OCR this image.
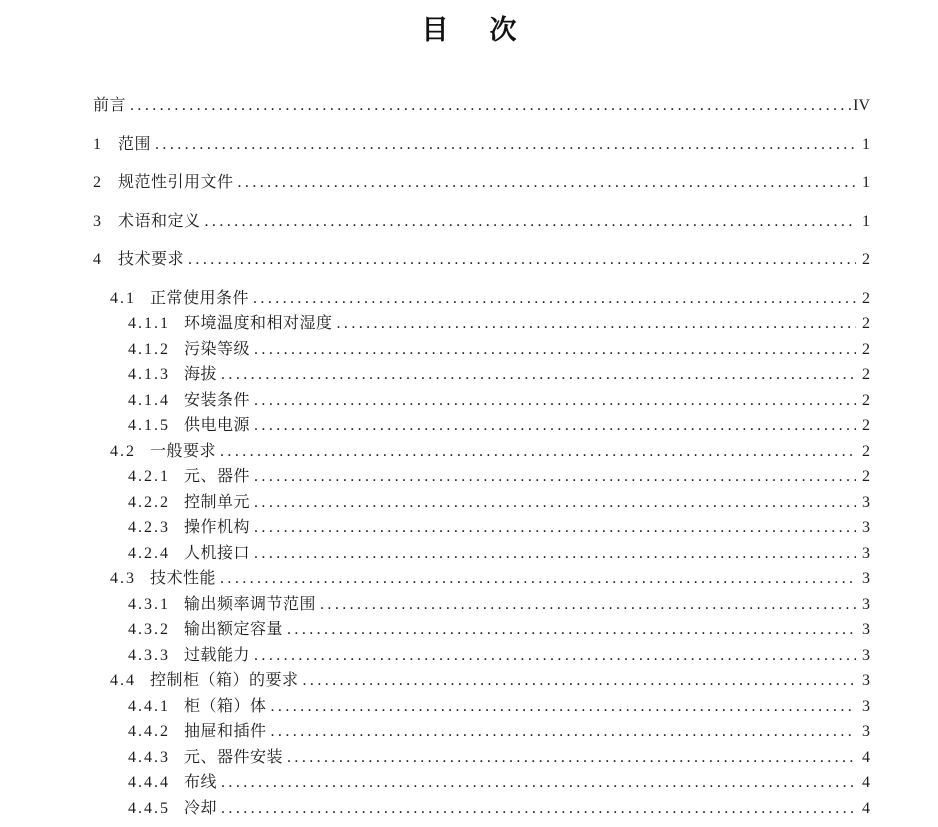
目　次
前言 .....	IV
1 范围 .....	1
2 规范性引用文件 .....	1
3 术语和定义 .....	1
4 技术要求 .....	2
4.1 正常使用条件 .....	2
4.1.1 环境温度和相对湿度 .....	2
4.1.2 污染等级 .....	2
4.1.3 海拔 .....	2
4.1.4 安装条件 .....	2
4.1.5 供电电源 .....	2
4.2 一般要求 .....	2
4.2.1 元、器件 .....	2
4.2.2 控制单元 .....	3
4.2.3 操作机构 .....	3
4.2.4 人机接口 .....	3
4.3 技术性能 .....	3
4.3.1 输出频率调节范围 .....	3
4.3.2 输出额定容量 .....	3
4.3.3 过载能力 .....	3
4.4 控制柜（箱）的要求 .....	3
4.4.1 柜（箱）体 .....	3
4.4.2 抽屉和插件 .....	3
4.4.3 元、器件安装 .....	4
4.4.4 布线 .....	4
4.4.5 冷却 .....	4
